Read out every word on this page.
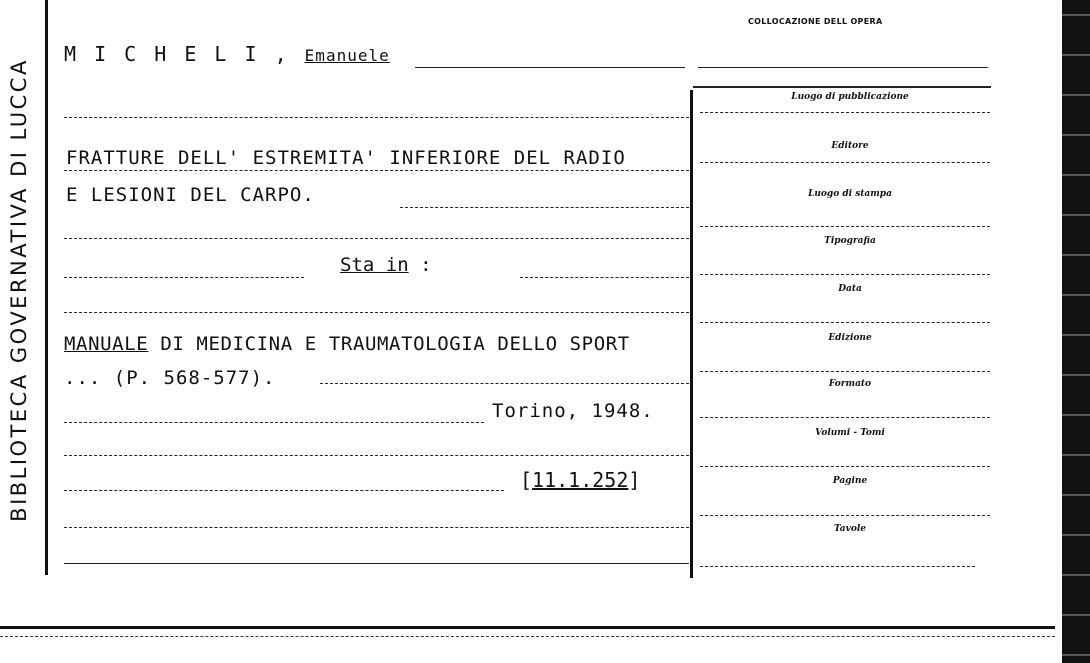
BIBLIOTECA GOVERNATIVA DI LUCCA
M I C H E L I , Emanuele
FRATTURE DELL' ESTREMITA' INFERIORE DEL RADIO
E LESIONI DEL CARPO.
Sta in :
MANUALE DI MEDICINA E TRAUMATOLOGIA DELLO SPORT
... (P. 568-577).
Torino, 1948.
[11.1.252]
COLLOCAZIONE DELL OPERA
Luogo di pubblicazione
Editore
Luogo di stampa
Tipografia
Data
Edizione
Formato
Volumi - Tomi
Pagine
Tavole
